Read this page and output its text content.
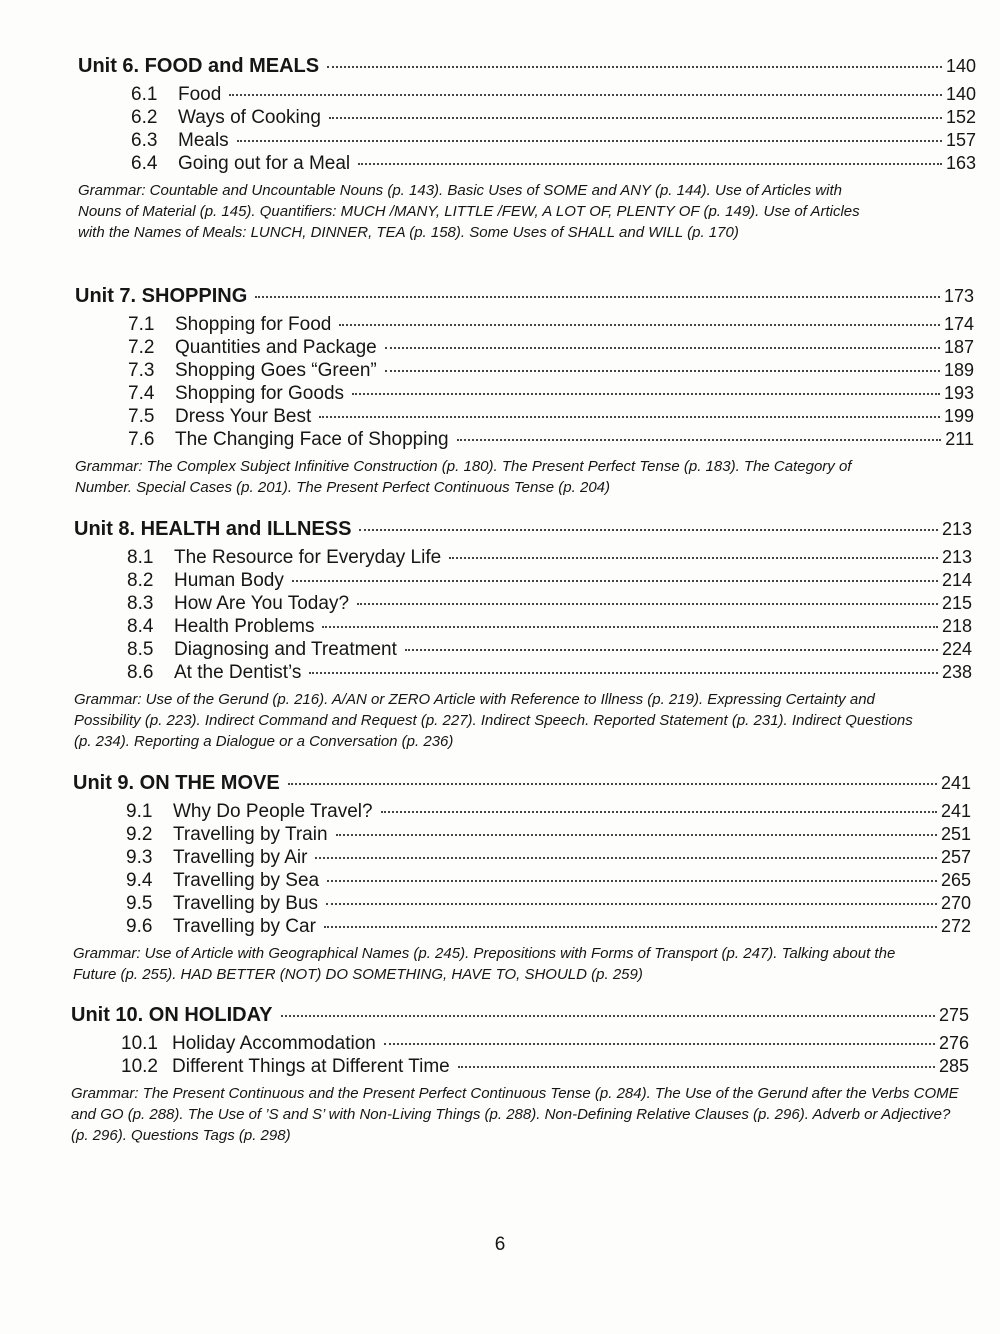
Unit 6. FOOD and MEALS	140
6.1	Food	140
6.2	Ways of Cooking	152
6.3	Meals	157
6.4	Going out for a Meal	163
Grammar: Countable and Uncountable Nouns (p. 143). Basic Uses of SOME and ANY (p. 144). Use of Articles with Nouns of Material (p. 145). Quantifiers: MUCH /MANY, LITTLE /FEW, A LOT OF, PLENTY OF (p. 149). Use of Articles with the Names of Meals: LUNCH, DINNER, TEA (p. 158). Some Uses of SHALL and WILL (p. 170)
Unit 7. SHOPPING	173
7.1	Shopping for Food	174
7.2	Quantities and Package	187
7.3	Shopping Goes “Green”	189
7.4	Shopping for Goods	193
7.5	Dress Your Best	199
7.6	The Changing Face of Shopping	211
Grammar: The Complex Subject Infinitive Construction (p. 180). The Present Perfect Tense (p. 183). The Category of Number. Special Cases (p. 201). The Present Perfect Continuous Tense (p. 204)
Unit 8. HEALTH and ILLNESS	213
8.1	The Resource for Everyday Life	213
8.2	Human Body	214
8.3	How Are You Today?	215
8.4	Health Problems	218
8.5	Diagnosing and Treatment	224
8.6	At the Dentist’s	238
Grammar: Use of the Gerund (p. 216). A/AN or ZERO Article with Reference to Illness (p. 219). Expressing Certainty and Possibility (p. 223). Indirect Command and Request (p. 227). Indirect Speech. Reported Statement (p. 231). Indirect Questions (p. 234). Reporting a Dialogue or a Conversation (p. 236)
Unit 9. ON THE MOVE	241
9.1	Why Do People Travel?	241
9.2	Travelling by Train	251
9.3	Travelling by Air	257
9.4	Travelling by Sea	265
9.5	Travelling by Bus	270
9.6	Travelling by Car	272
Grammar: Use of Article with Geographical Names (p. 245). Prepositions with Forms of Transport (p. 247). Talking about the Future (p. 255). HAD BETTER (NOT) DO SOMETHING, HAVE TO, SHOULD (p. 259)
Unit 10. ON HOLIDAY	275
10.1 Holiday Accommodation	276
10.2 Different Things at Different Time	285
Grammar: The Present Continuous and the Present Perfect Continuous Tense (p. 284). The Use of the Gerund after the Verbs COME and GO (p. 288). The Use of ’S and S’ with Non-Living Things (p. 288). Non-Defining Relative Clauses (p. 296). Adverb or Adjective? (p. 296). Questions Tags (p. 298)
6
